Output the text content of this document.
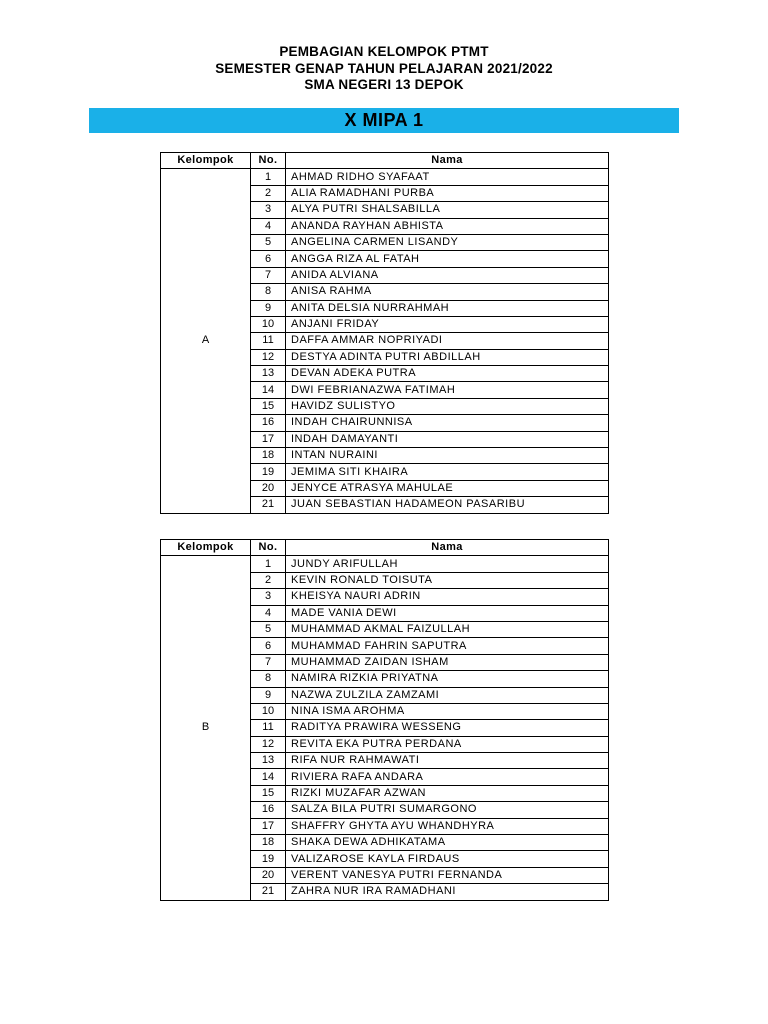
PEMBAGIAN KELOMPOK PTMT
SEMESTER GENAP TAHUN PELAJARAN 2021/2022
SMA NEGERI 13 DEPOK
X MIPA 1
Kelompok	No.	Nama
A	1	AHMAD RIDHO SYAFAAT
	2	ALIA RAMADHANI PURBA
	3	ALYA PUTRI SHALSABILLA
	4	ANANDA RAYHAN ABHISTA
	5	ANGELINA CARMEN LISANDY
	6	ANGGA RIZA AL FATAH
	7	ANIDA ALVIANA
	8	ANISA RAHMA
	9	ANITA DELSIA NURRAHMAH
	10	ANJANI FRIDAY
	11	DAFFA AMMAR NOPRIYADI
	12	DESTYA ADINTA PUTRI ABDILLAH
	13	DEVAN ADEKA PUTRA
	14	DWI FEBRIANAZWA FATIMAH
	15	HAVIDZ SULISTYO
	16	INDAH CHAIRUNNISA
	17	INDAH DAMAYANTI
	18	INTAN NURAINI
	19	JEMIMA SITI KHAIRA
	20	JENYCE ATRASYA MAHULAE
	21	JUAN SEBASTIAN HADAMEON PASARIBU
Kelompok	No.	Nama
B	1	JUNDY ARIFULLAH
	2	KEVIN RONALD TOISUTA
	3	KHEISYA NAURI ADRIN
	4	MADE VANIA DEWI
	5	MUHAMMAD AKMAL FAIZULLAH
	6	MUHAMMAD FAHRIN SAPUTRA
	7	MUHAMMAD ZAIDAN ISHAM
	8	NAMIRA RIZKIA PRIYATNA
	9	NAZWA ZULZILA ZAMZAMI
	10	NINA ISMA AROHMA
	11	RADITYA PRAWIRA WESSENG
	12	REVITA EKA PUTRA PERDANA
	13	RIFA NUR RAHMAWATI
	14	RIVIERA RAFA ANDARA
	15	RIZKI MUZAFAR AZWAN
	16	SALZA BILA PUTRI SUMARGONO
	17	SHAFFRY GHYTA AYU WHANDHYRA
	18	SHAKA DEWA ADHIKATAMA
	19	VALIZAROSE KAYLA FIRDAUS
	20	VERENT VANESYA PUTRI FERNANDA
	21	ZAHRA NUR IRA RAMADHANI
